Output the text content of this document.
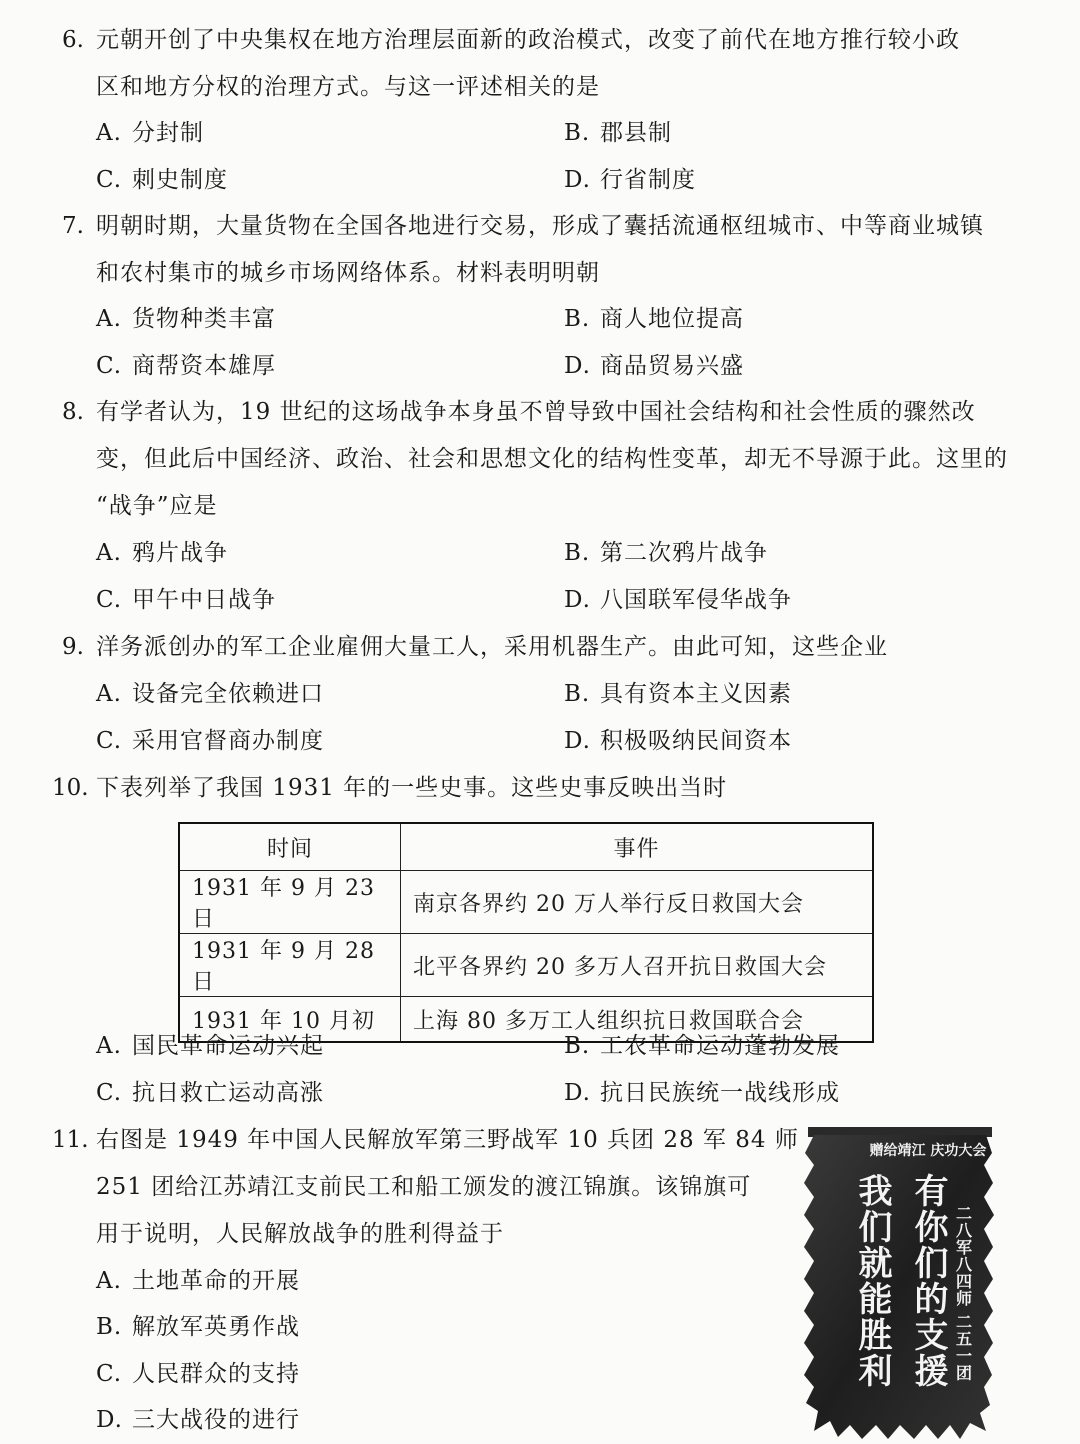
6. 元朝开创了中央集权在地方治理层面新的政治模式，改变了前代在地方推行较小政
区和地方分权的治理方式。与这一评述相关的是
A. 分封制	B. 郡县制
C. 刺史制度	D. 行省制度
7. 明朝时期，大量货物在全国各地进行交易，形成了囊括流通枢纽城市、中等商业城镇
和农村集市的城乡市场网络体系。材料表明明朝
A. 货物种类丰富	B. 商人地位提高
C. 商帮资本雄厚	D. 商品贸易兴盛
8. 有学者认为，19 世纪的这场战争本身虽不曾导致中国社会结构和社会性质的骤然改
变，但此后中国经济、政治、社会和思想文化的结构性变革，却无不导源于此。这里的
“战争”应是
A. 鸦片战争	B. 第二次鸦片战争
C. 甲午中日战争	D. 八国联军侵华战争
9. 洋务派创办的军工企业雇佣大量工人，采用机器生产。由此可知，这些企业
A. 设备完全依赖进口	B. 具有资本主义因素
C. 采用官督商办制度	D. 积极吸纳民间资本
10. 下表列举了我国 1931 年的一些史事。这些史事反映出当时
时间	事件
1931 年 9 月 23 日	南京各界约 20 万人举行反日救国大会
1931 年 9 月 28 日	北平各界约 20 多万人召开抗日救国大会
1931 年 10 月初	上海 80 多万工人组织抗日救国联合会
A. 国民革命运动兴起	B. 工农革命运动蓬勃发展
C. 抗日救亡运动高涨	D. 抗日民族统一战线形成
11. 右图是 1949 年中国人民解放军第三野战军 10 兵团 28 军 84 师
251 团给江苏靖江支前民工和船工颁发的渡江锦旗。该锦旗可
用于说明，人民解放战争的胜利得益于
A. 土地革命的开展
B. 解放军英勇作战
C. 人民群众的支持
D. 三大战役的进行
赠给靖江 庆功大会
有你们的支援
我们就能胜利	二八军八四师 二五一团
